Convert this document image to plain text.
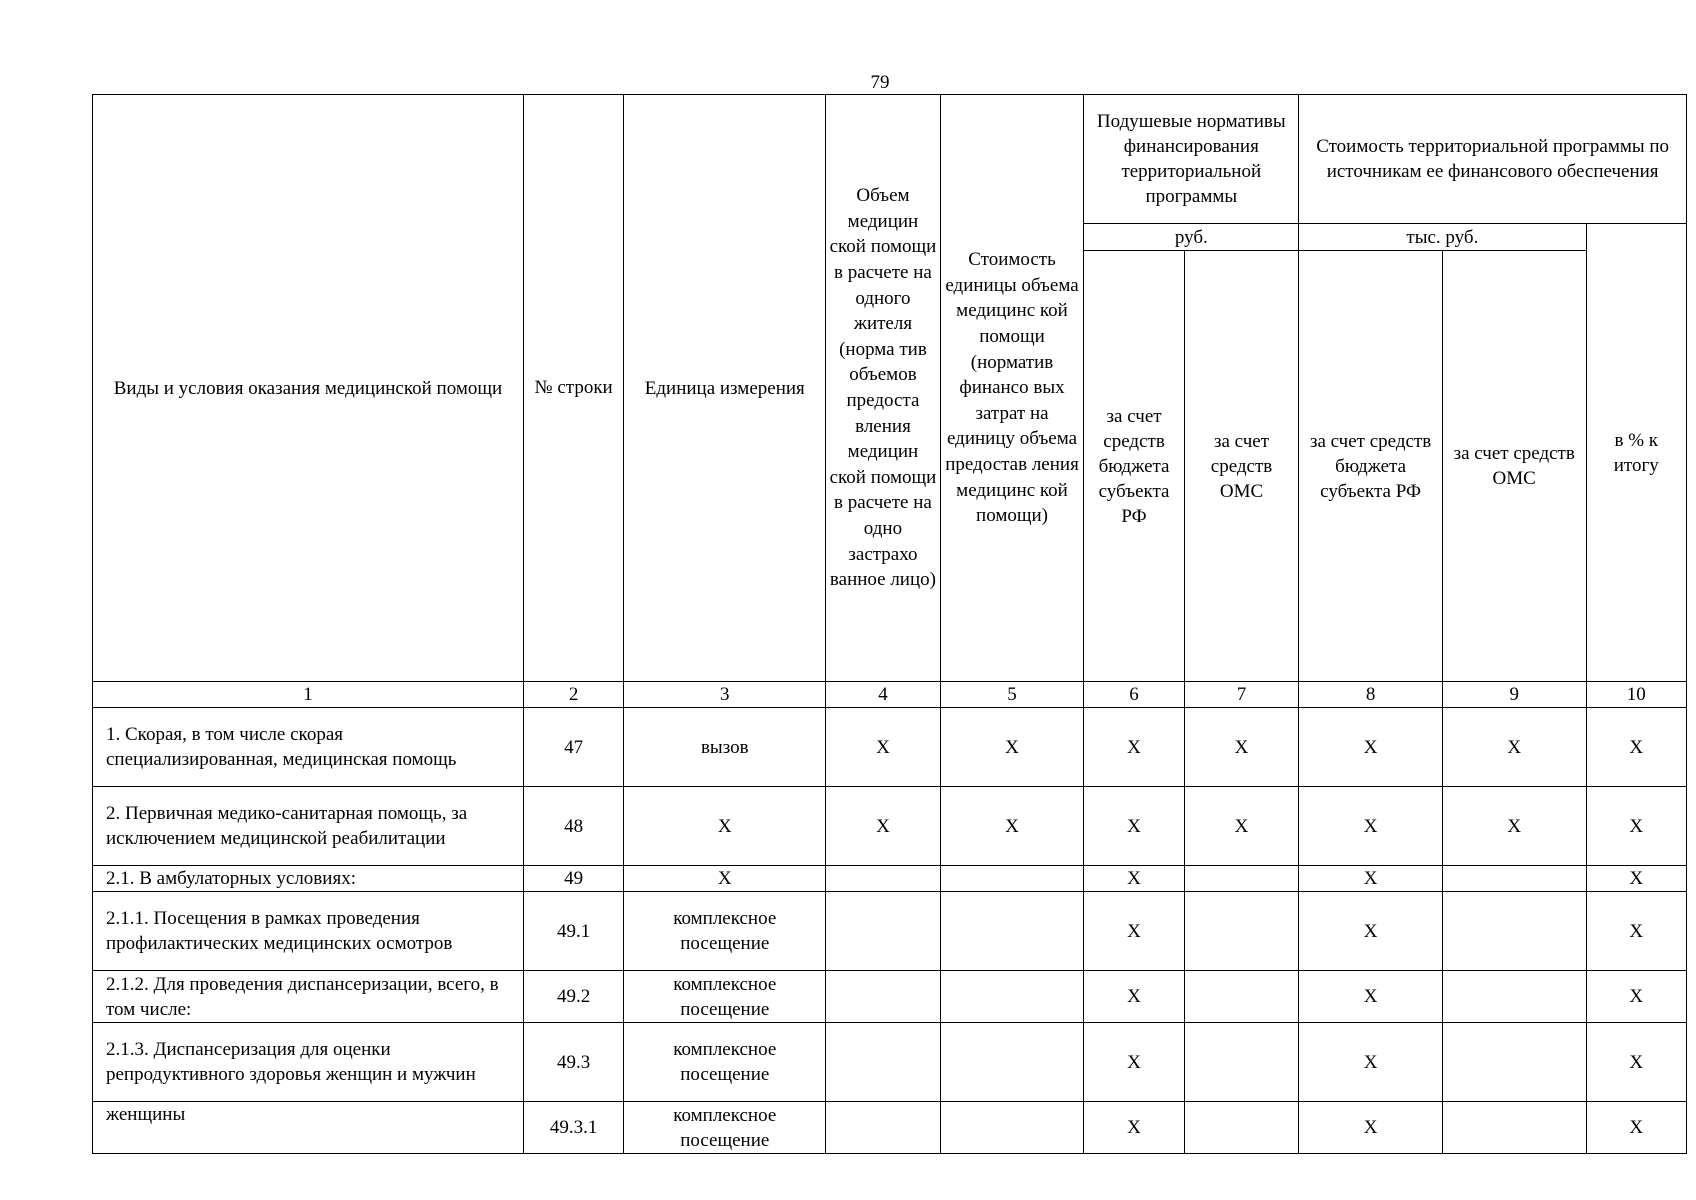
79
Виды и условия оказания медицинской помощи	№ строки	Единица измерения	Объем медицин ской помощи в расчете на одного жителя (норма тив объемов предоста вления медицин ской помощи в расчете на одно застрахо ванное лицо)	Стоимость единицы объема медицинс кой помощи (норматив финансо вых затрат на единицу объема предостав ления медицинс кой помощи)	Подушевые нормативы финансирования территориальной программы		Стоимость территориальной программы по источникам ее финансового обеспечения		
					руб.		тыс. руб.		в % к итогу
					за счет средств бюджета субъекта РФ	за счет средств ОМС	за счет средств бюджета субъекта РФ	за счет средств ОМС	

1	2	3	4	5	6	7	8	9	10
1. Скорая, в том числе скорая специализированная, медицинская помощь	47	вызов	X	X	X	X	X	X	X
2. Первичная медико-санитарная помощь, за исключением медицинской реабилитации	48	X	X	X	X	X	X	X	X
2.1. В амбулаторных условиях:	49	X			X		X		X
2.1.1. Посещения в рамках проведения профилактических медицинских осмотров	49.1	комплексное посещение			X		X		X
2.1.2. Для проведения диспансеризации, всего, в том числе:	49.2	комплексное посещение			X		X		X
2.1.3. Диспансеризация для оценки репродуктивного здоровья женщин и мужчин	49.3	комплексное посещение			X		X		X
женщины	49.3.1	комплексное посещение			X		X		X
